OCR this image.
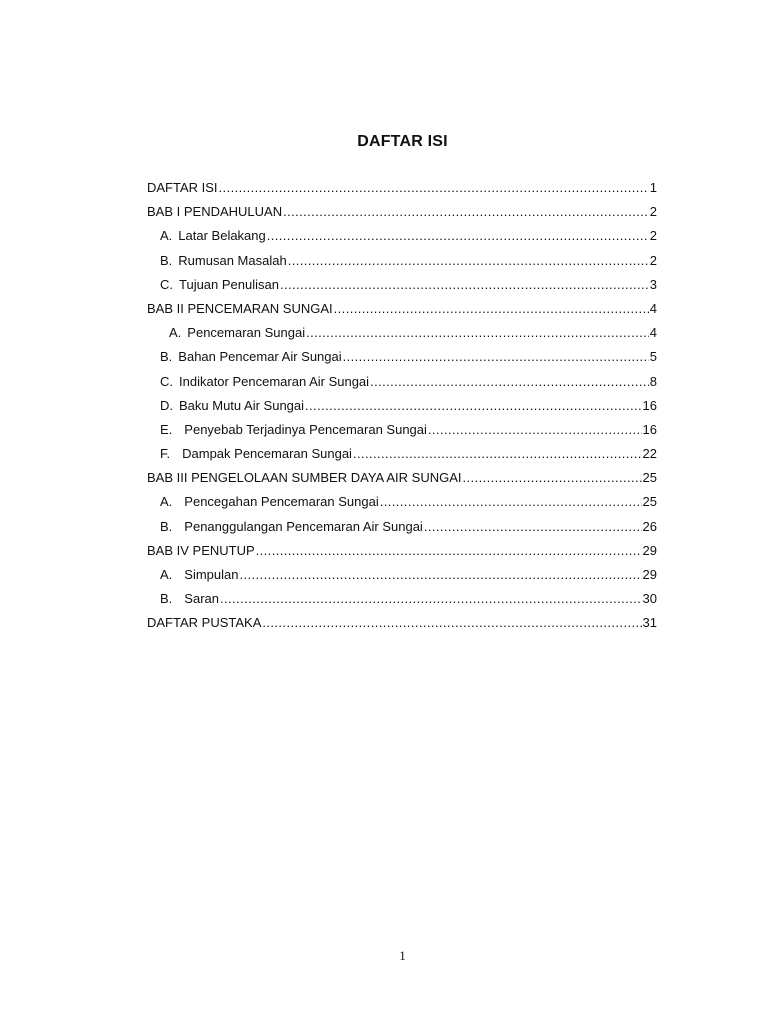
DAFTAR ISI
DAFTAR ISI .....	1
BAB I PENDAHULUAN .....	2
A. Latar Belakang .....	2
B. Rumusan Masalah .....	2
C. Tujuan Penulisan .....	3
BAB II PENCEMARAN SUNGAI .....	4
A. Pencemaran Sungai .....	4
B. Bahan Pencemar Air Sungai .....	5
C. Indikator Pencemaran Air Sungai .....	8
D. Baku Mutu Air Sungai .....	16
E. Penyebab Terjadinya Pencemaran Sungai .....	16
F. Dampak Pencemaran Sungai .....	22
BAB III PENGELOLAAN SUMBER DAYA AIR SUNGAI .....	25
A. Pencegahan Pencemaran Sungai .....	25
B. Penanggulangan Pencemaran Air Sungai .....	26
BAB IV PENUTUP .....	29
A. Simpulan .....	29
B. Saran .....	30
DAFTAR PUSTAKA .....	31
1
